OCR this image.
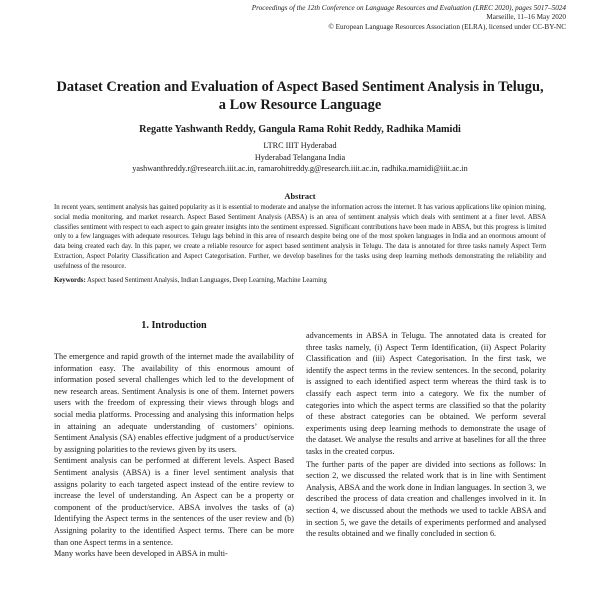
Proceedings of the 12th Conference on Language Resources and Evaluation (LREC 2020), pages 5017–5024
Marseille, 11–16 May 2020
© European Language Resources Association (ELRA), licensed under CC-BY-NC
Dataset Creation and Evaluation of Aspect Based Sentiment Analysis in Telugu,
a Low Resource Language
Regatte Yashwanth Reddy, Gangula Rama Rohit Reddy, Radhika Mamidi
LTRC IIIT Hyderabad
Hyderabad Telangana India
yashwanthreddy.r@research.iiit.ac.in, ramarohitreddy.g@research.iiit.ac.in, radhika.mamidi@iiit.ac.in
Abstract
In recent years, sentiment analysis has gained popularity as it is essential to moderate and analyse the information across the internet. It has various applications like opinion mining, social media monitoring, and market research. Aspect Based Sentiment Analysis (ABSA) is an area of sentiment analysis which deals with sentiment at a finer level. ABSA classifies sentiment with respect to each aspect to gain greater insights into the sentiment expressed. Significant contributions have been made in ABSA, but this progress is limited only to a few languages with adequate resources. Telugu lags behind in this area of research despite being one of the most spoken languages in India and an enormous amount of data being created each day. In this paper, we create a reliable resource for aspect based sentiment analysis in Telugu. The data is annotated for three tasks namely Aspect Term Extraction, Aspect Polarity Classification and Aspect Categorisation. Further, we develop baselines for the tasks using deep learning methods demonstrating the reliability and usefulness of the resource.
Keywords: Aspect based Sentiment Analysis, Indian Languages, Deep Learning, Machine Learning
1. Introduction

The emergence and rapid growth of the internet made the availability of information easy. The availability of this enormous amount of information posed several challenges which led to the development of new research areas. Sentiment Analysis is one of them. Internet powers users with the freedom of expressing their views through blogs and social media platforms. Processing and analysing this information helps in attaining an adequate understanding of customers’ opinions. Sentiment Analysis (SA) enables effective judgment of a product/service by assigning polarities to the reviews given by its users.

Sentiment analysis can be performed at different levels. Aspect Based Sentiment analysis (ABSA) is a finer level sentiment analysis that assigns polarity to each targeted aspect instead of the entire review to increase the level of understanding. An Aspect can be a property or component of the product/service. ABSA involves the tasks of (a) Identifying the Aspect terms in the sentences of the user review and (b) Assigning polarity to the identified Aspect terms. There can be more than one Aspect terms in a sentence.

Many works have been developed in ABSA in multi-

advancements in ABSA in Telugu. The annotated data is created for three tasks namely, (i) Aspect Term Identification, (ii) Aspect Polarity Classification and (iii) Aspect Categorisation. In the first task, we identify the aspect terms in the review sentences. In the second, polarity is assigned to each identified aspect term whereas the third task is to classify each aspect term into a category. We fix the number of categories into which the aspect terms are classified so that the polarity of these abstract categories can be obtained. We perform several experiments using deep learning methods to demonstrate the usage of the dataset. We analyse the results and arrive at baselines for all the three tasks in the created corpus.

The further parts of the paper are divided into sections as follows: In section 2, we discussed the related work that is in line with Sentiment Analysis, ABSA and the work done in Indian languages. In section 3, we described the process of data creation and challenges involved in it. In section 4, we discussed about the methods we used to tackle ABSA and in section 5, we gave the details of experiments performed and analysed the results obtained and we finally concluded in section 6.
